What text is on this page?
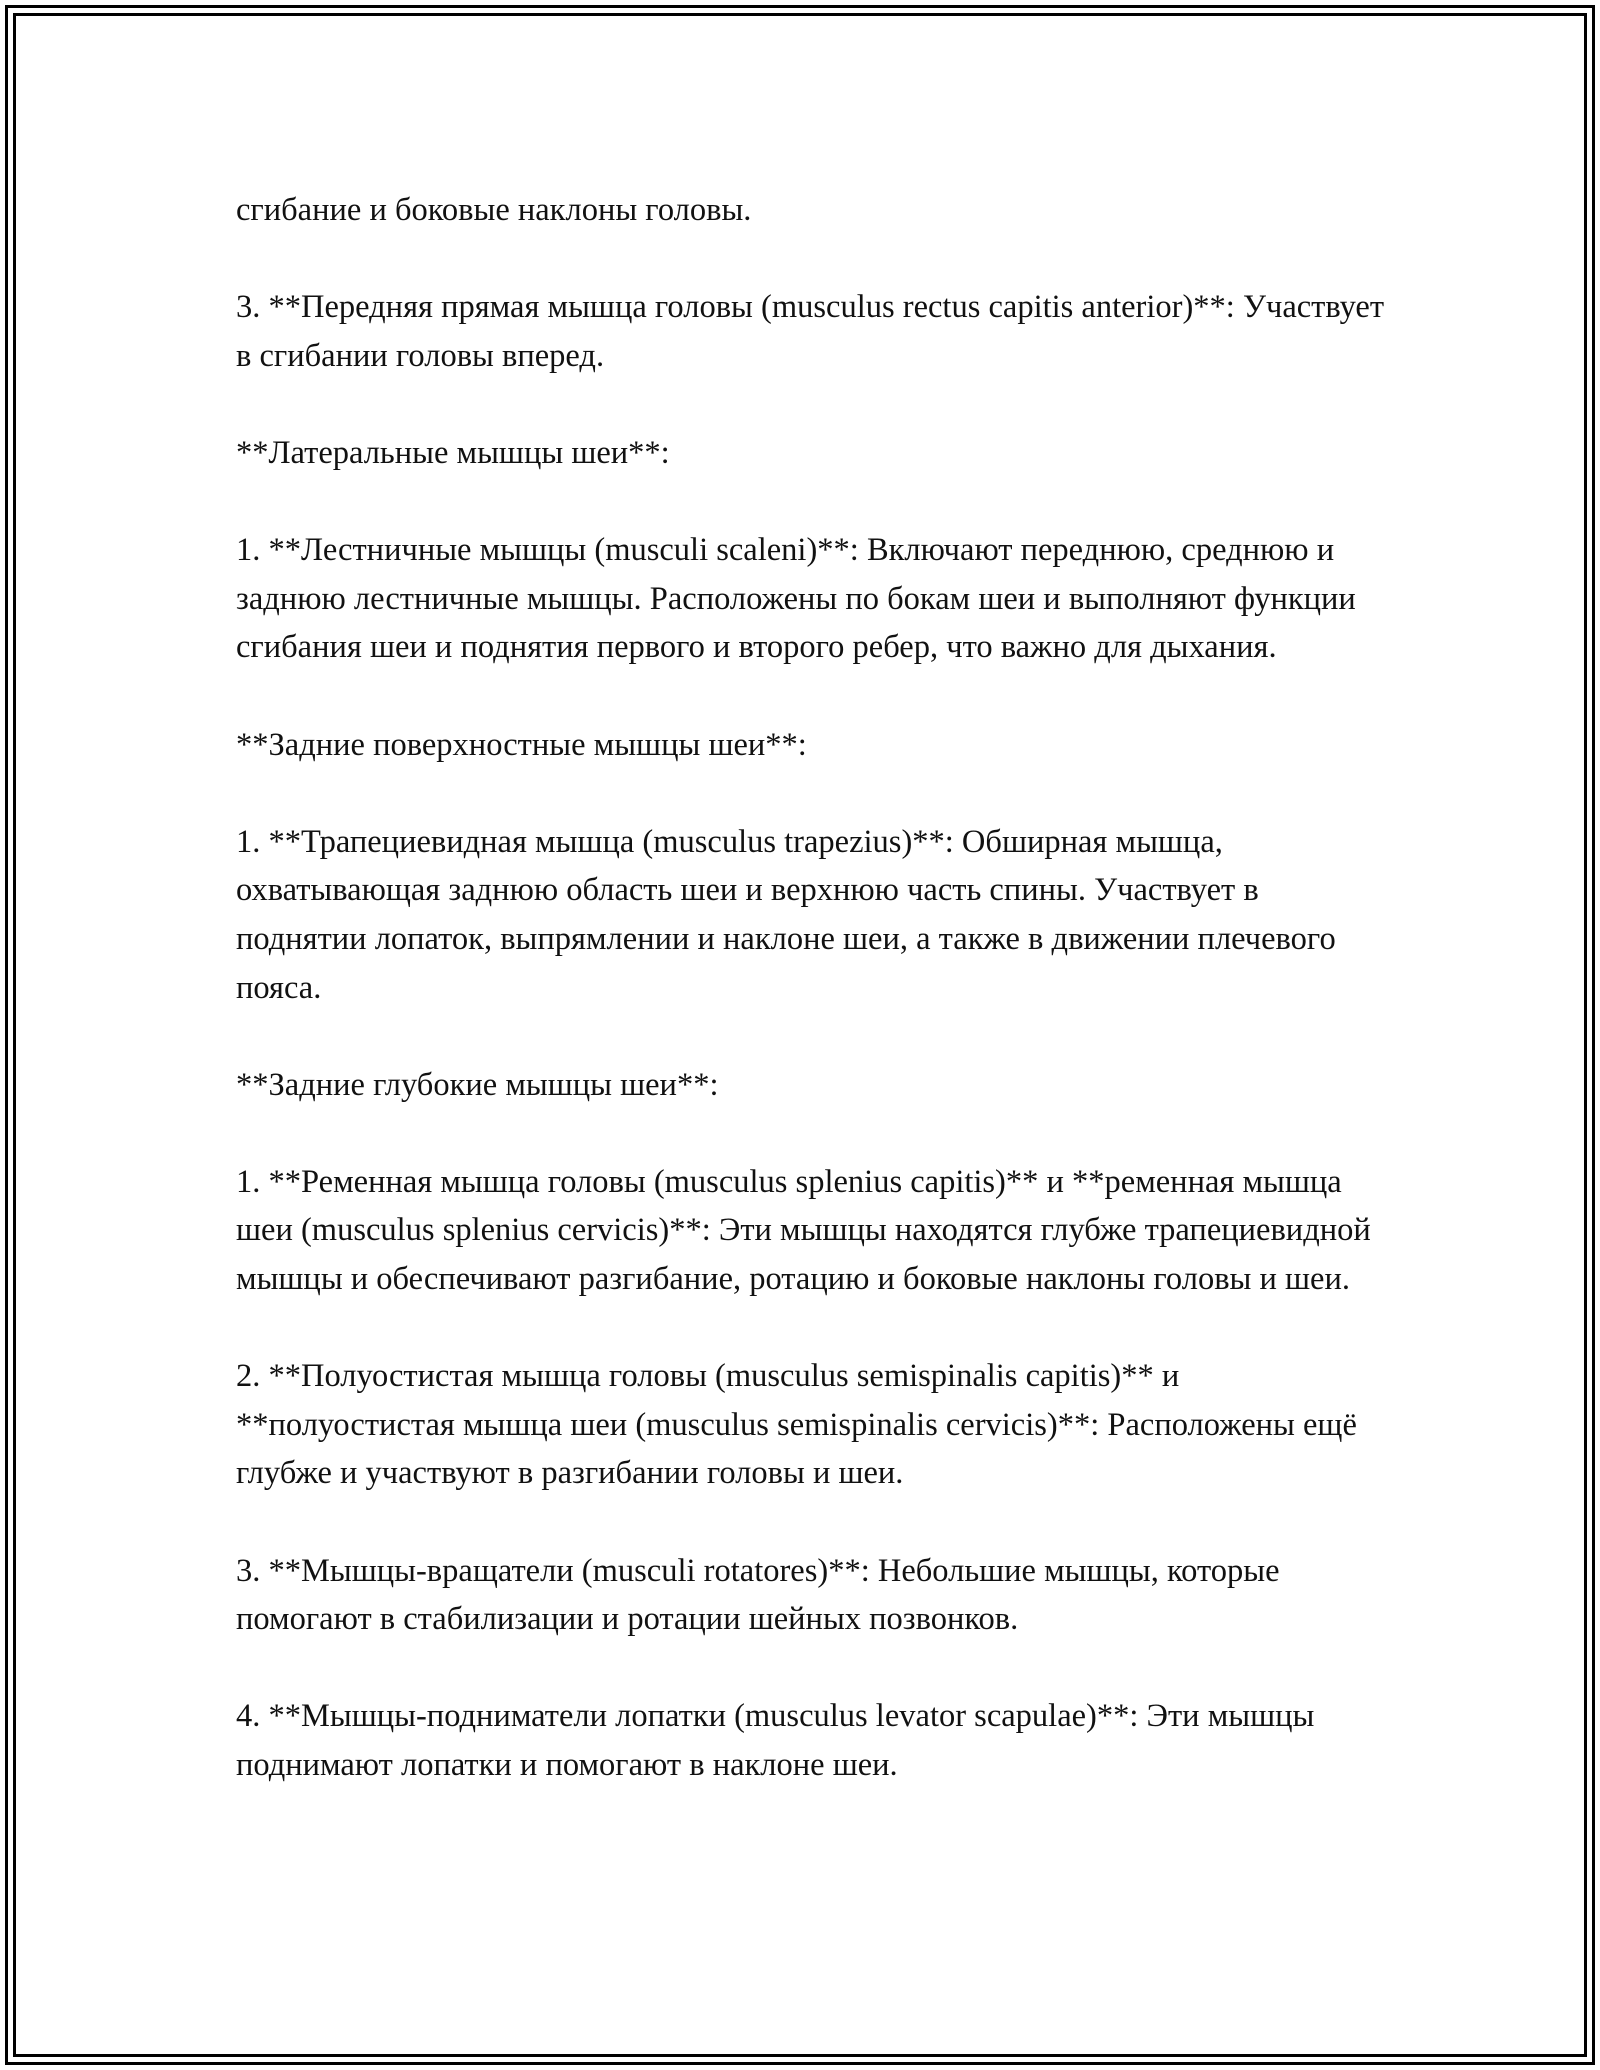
сгибание и боковые наклоны головы.

3. **Передняя прямая мышца головы (musculus rectus capitis anterior)**: Участвует в сгибании головы вперед.

**Латеральные мышцы шеи**:

1. **Лестничные мышцы (musculi scaleni)**: Включают переднюю, среднюю и заднюю лестничные мышцы. Расположены по бокам шеи и выполняют функции сгибания шеи и поднятия первого и второго ребер, что важно для дыхания.

**Задние поверхностные мышцы шеи**:

1. **Трапециевидная мышца (musculus trapezius)**: Обширная мышца, охватывающая заднюю область шеи и верхнюю часть спины. Участвует в поднятии лопаток, выпрямлении и наклоне шеи, а также в движении плечевого пояса.

**Задние глубокие мышцы шеи**:

1. **Ременная мышца головы (musculus splenius capitis)** и **ременная мышца шеи (musculus splenius cervicis)**: Эти мышцы находятся глубже трапециевидной мышцы и обеспечивают разгибание, ротацию и боковые наклоны головы и шеи.

2. **Полуостистая мышца головы (musculus semispinalis capitis)** и **полуостистая мышца шеи (musculus semispinalis cervicis)**: Расположены ещё глубже и участвуют в разгибании головы и шеи.

3. **Мышцы-вращатели (musculi rotatores)**: Небольшие мышцы, которые помогают в стабилизации и ротации шейных позвонков.

4. **Мышцы-подниматели лопатки (musculus levator scapulae)**: Эти мышцы поднимают лопатки и помогают в наклоне шеи.
